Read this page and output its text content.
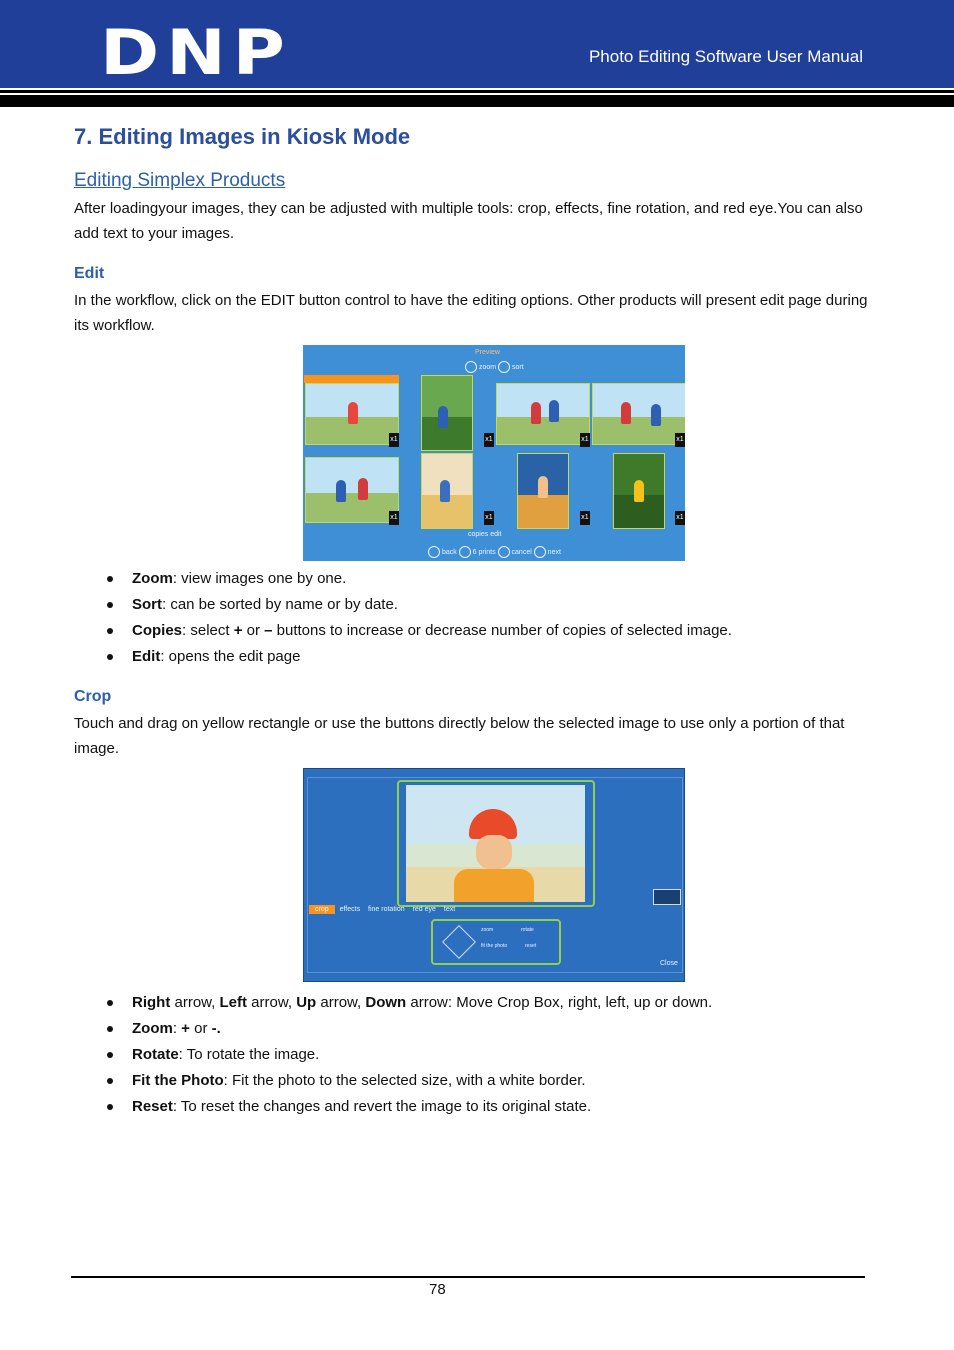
DNP	Photo Editing Software User Manual
7. Editing Images in Kiosk Mode
Editing Simplex Products
After loadingyour images, they can be adjusted with multiple tools: crop, effects, fine rotation, and red eye.You can also add text to your images.
Edit
In the workflow, click on the EDIT button control to have the editing options. Other products will present edit page during its workflow.
Preview
zoom sort
x1	x1	x1	x1
x1	x1	x1	x1
copies edit
back 6 prints cancel next
Zoom: view images one by one.
Sort: can be sorted by name or by date.
Copies: select + or – buttons to increase or decrease number of copies of selected image.
Edit: opens the edit page
Crop
Touch and drag on yellow rectangle or use the buttons directly below the selected image to use only a portion of that image.
crop effects fine rotation red eye text
zoom	rotate
fit the photo	reset
Close
Right arrow, Left arrow, Up arrow, Down arrow: Move Crop Box, right, left, up or down.
Zoom: + or -.
Rotate: To rotate the image.
Fit the Photo: Fit the photo to the selected size, with a white border.
Reset: To reset the changes and revert the image to its original state.
78
